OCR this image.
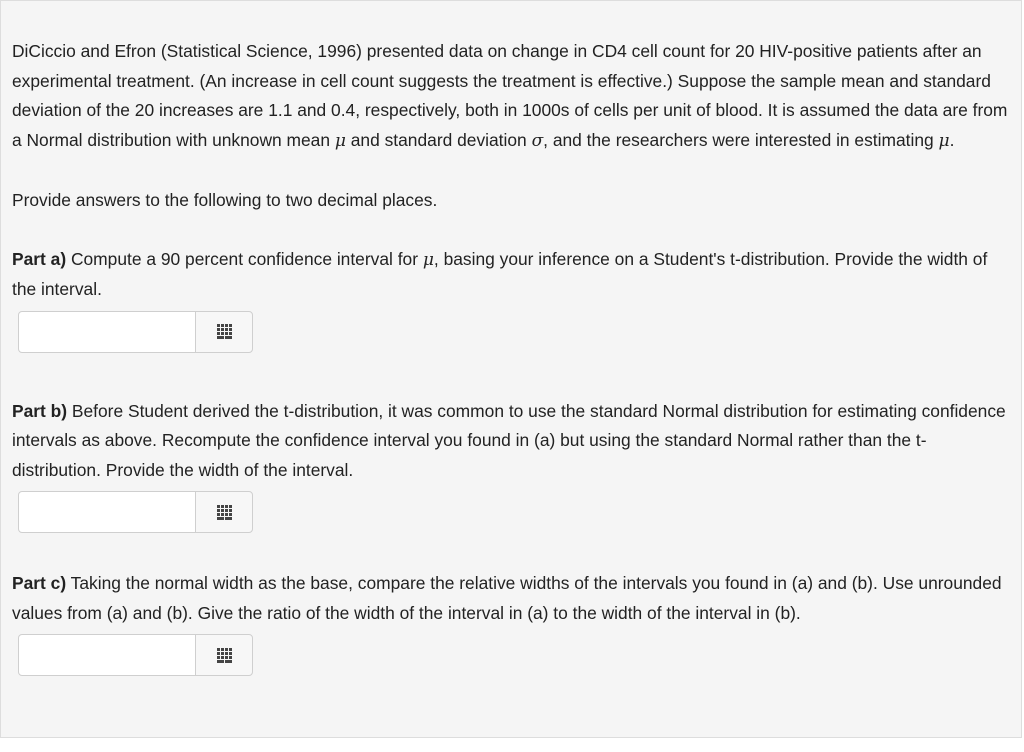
DiCiccio and Efron (Statistical Science, 1996) presented data on change in CD4 cell count for 20 HIV-positive patients after an experimental treatment. (An increase in cell count suggests the treatment is effective.) Suppose the sample mean and standard deviation of the 20 increases are 1.1 and 0.4, respectively, both in 1000s of cells per unit of blood. It is assumed the data are from a Normal distribution with unknown mean μ and standard deviation σ, and the researchers were interested in estimating μ.

Provide answers to the following to two decimal places.

Part a) Compute a 90 percent confidence interval for μ, basing your inference on a Student's t-distribution. Provide the width of the interval.

Part b) Before Student derived the t-distribution, it was common to use the standard Normal distribution for estimating confidence intervals as above. Recompute the confidence interval you found in (a) but using the standard Normal rather than the t-distribution. Provide the width of the interval.

Part c) Taking the normal width as the base, compare the relative widths of the intervals you found in (a) and (b). Use unrounded values from (a) and (b). Give the ratio of the width of the interval in (a) to the width of the interval in (b).
